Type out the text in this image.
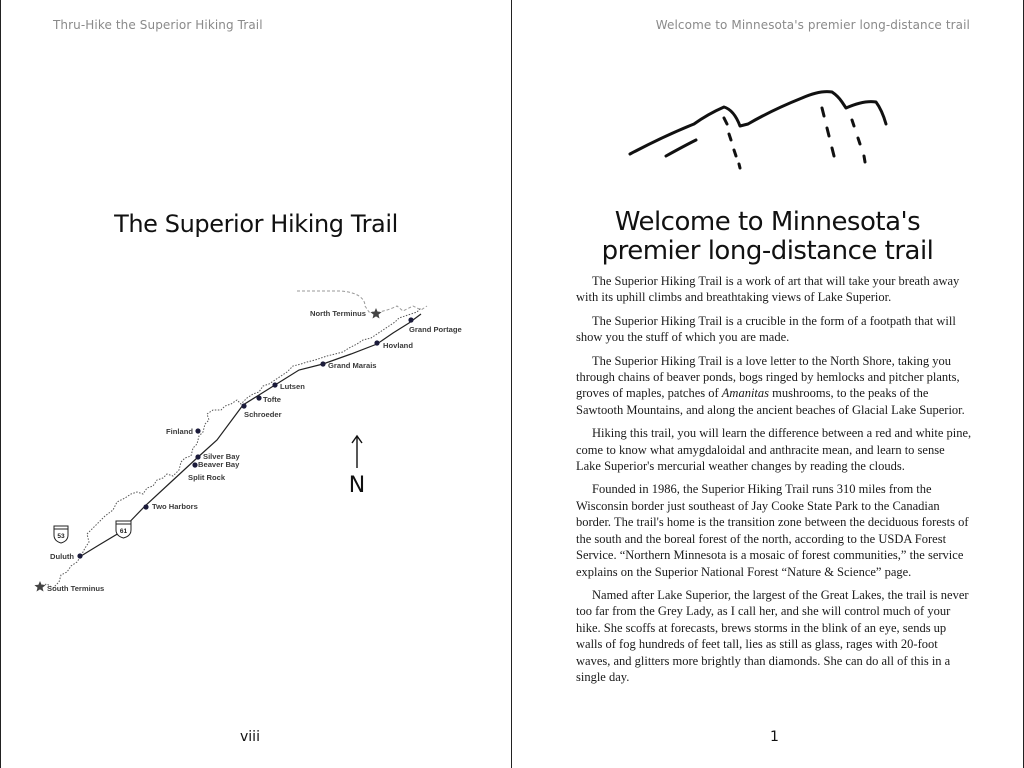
Thru-Hike the Superior Hiking Trail
The Superior Hiking Trail
North Terminus
Grand Portage
Hovland
Grand Marais
Lutsen
Tofte
Schroeder
Finland
Silver Bay
Beaver Bay
Split Rock
Two Harbors
Duluth
South Terminus
53
61
N
viii
Welcome to Minnesota's premier long-distance trail
Welcome to Minnesota's
premier long-distance trail
1

The Superior Hiking Trail is a work of art that will take your breath away with its uphill climbs and breathtaking views of Lake Superior.

The Superior Hiking Trail is a crucible in the form of a footpath that will show you the stuff of which you are made.

The Superior Hiking Trail is a love letter to the North Shore, taking you through chains of beaver ponds, bogs ringed by hemlocks and pitcher plants, groves of maples, patches of Amanitas mushrooms, to the peaks of the Sawtooth Mountains, and along the ancient beaches of Glacial Lake Superior.

Hiking this trail, you will learn the difference between a red and white pine, come to know what amygdaloidal and anthracite mean, and learn to sense Lake Superior's mercurial weather changes by reading the clouds.

Founded in 1986, the Superior Hiking Trail runs 310 miles from the Wisconsin border just southeast of Jay Cooke State Park to the Canadian border. The trail's home is the transition zone between the deciduous forests of the south and the boreal forest of the north, according to the USDA Forest Service. “Northern Minnesota is a mosaic of forest communities,” the service explains on the Superior National Forest “Nature & Science” page.

Named after Lake Superior, the largest of the Great Lakes, the trail is never too far from the Grey Lady, as I call her, and she will control much of your hike. She scoffs at forecasts, brews storms in the blink of an eye, sends up walls of fog hundreds of feet tall, lies as still as glass, rages with 20-foot waves, and glitters more brightly than diamonds. She can do all of this in a single day.
